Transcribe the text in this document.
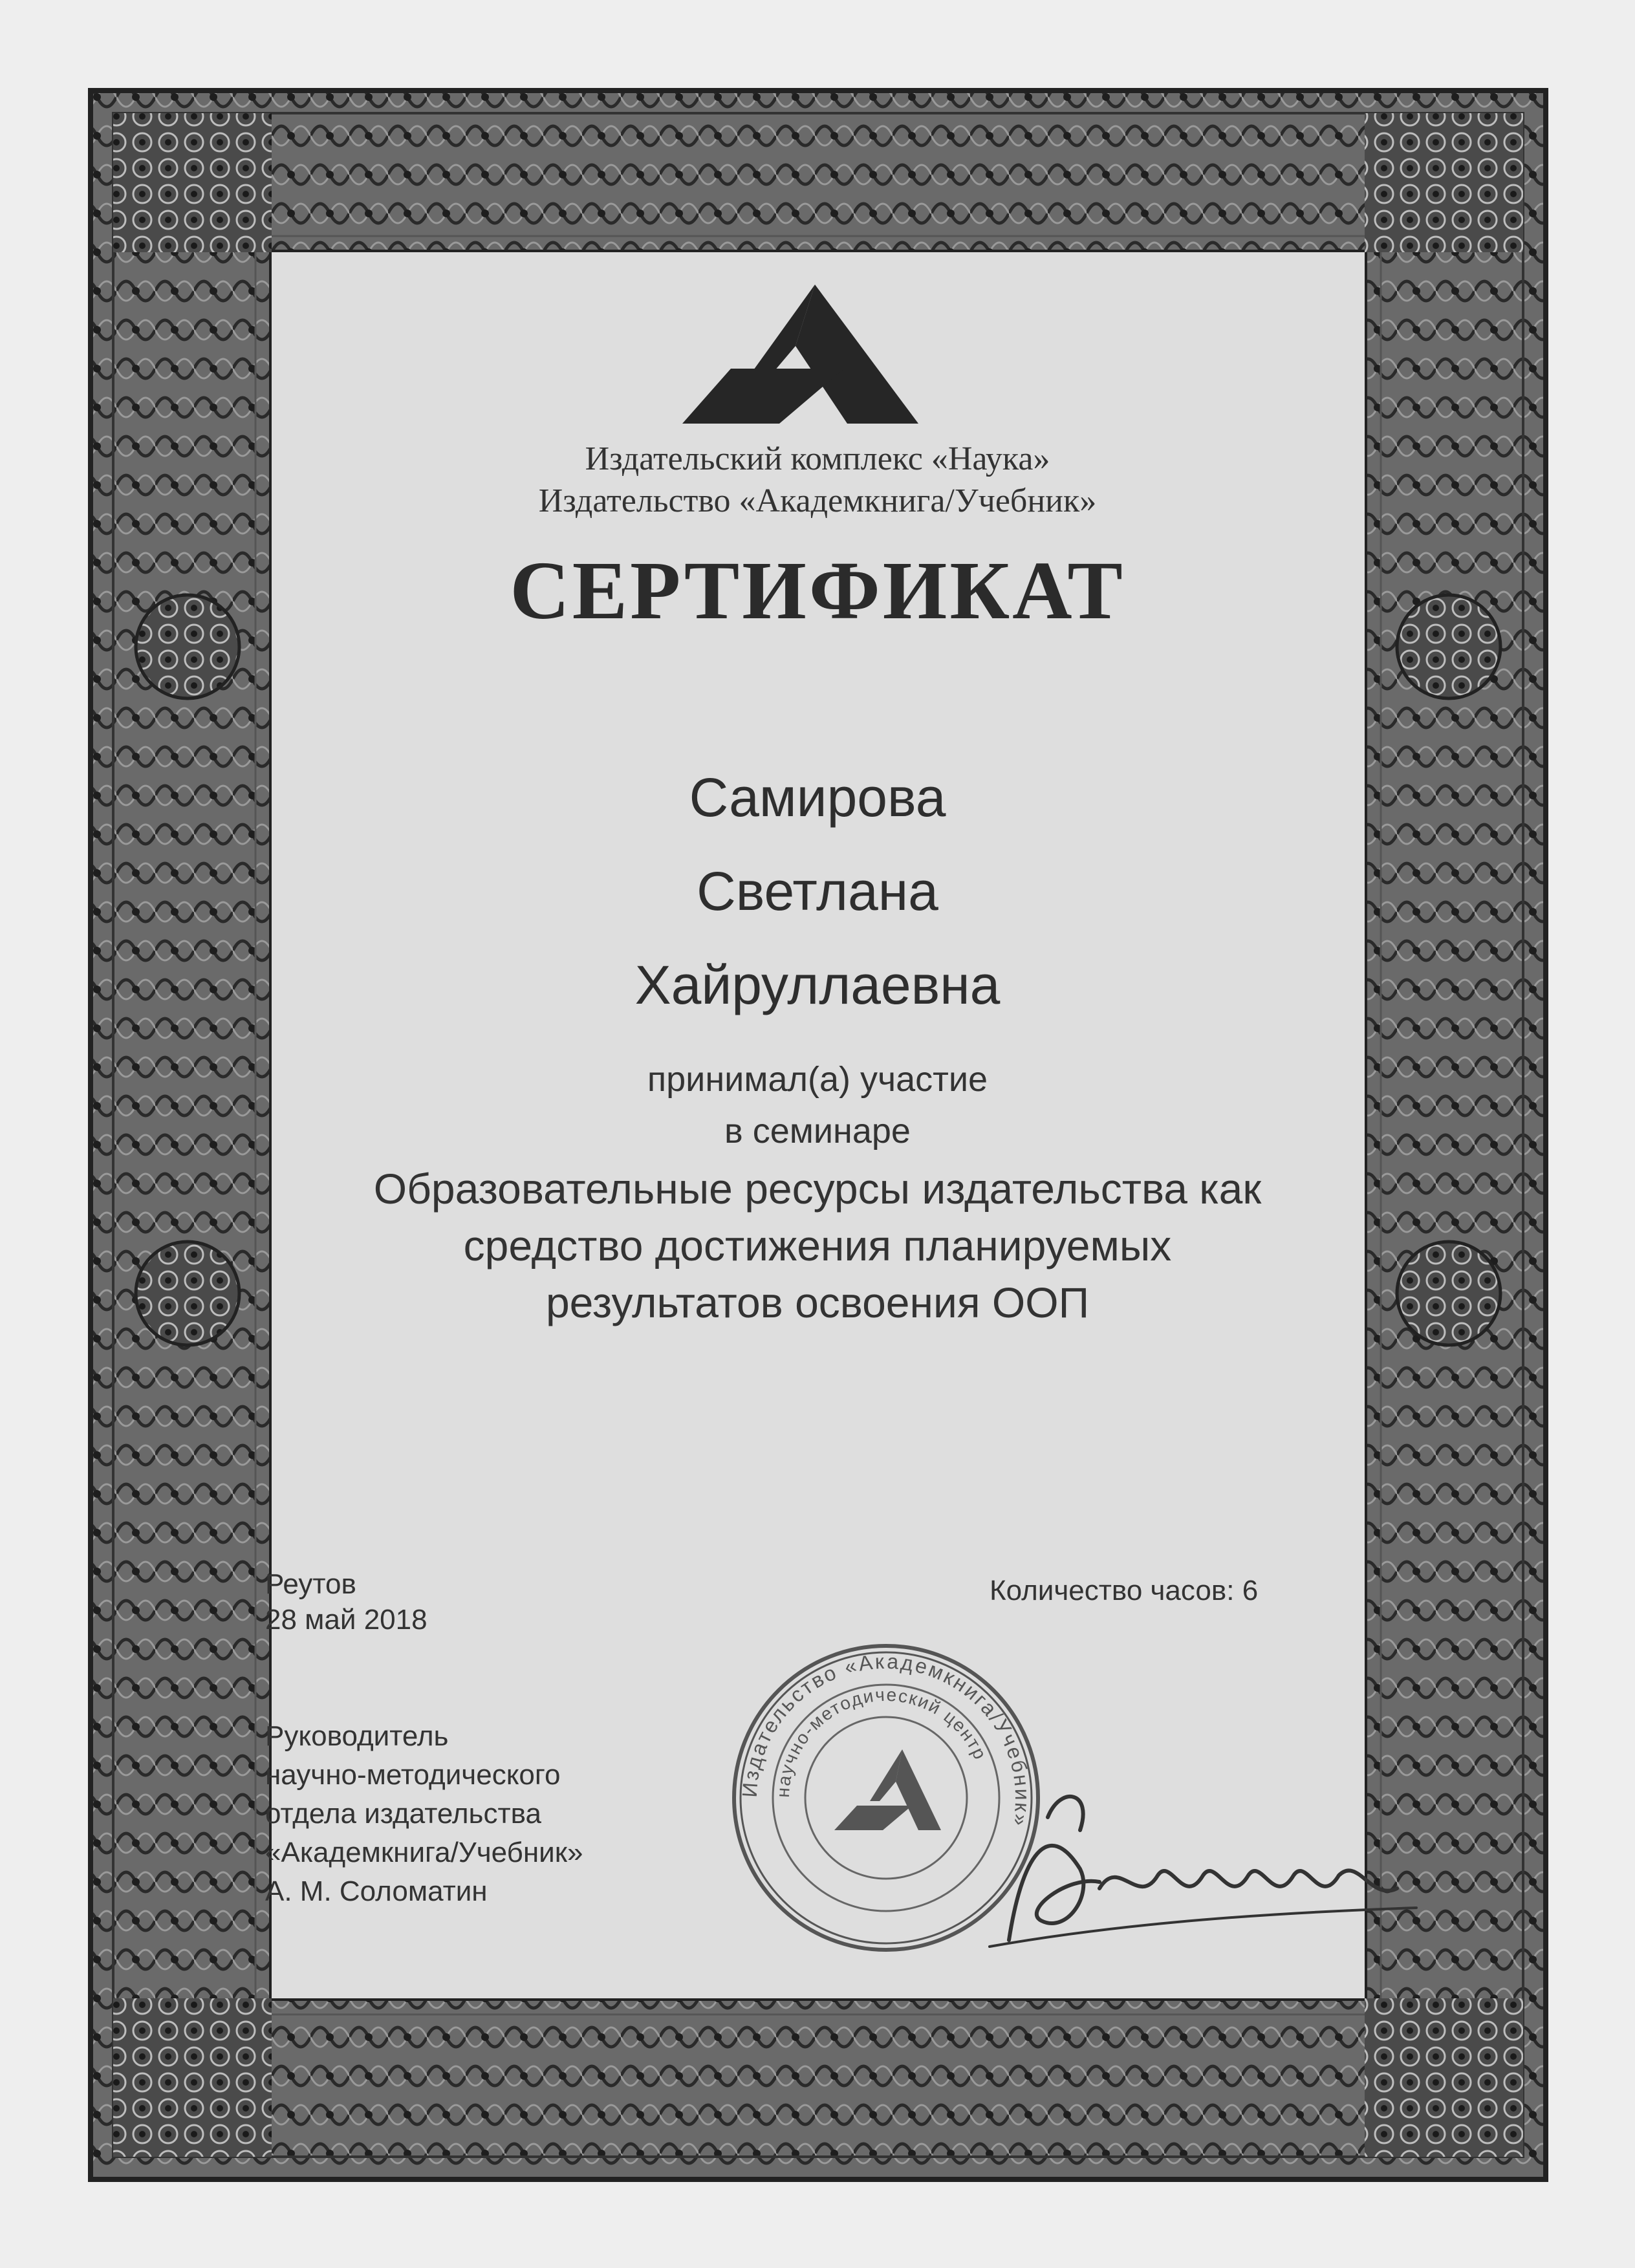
Издательский комплекс «Наука»
Издательство «Академкнига/Учебник»
СЕРТИФИКАТ
Самирова
Светлана
Хайруллаевна
принимал(а) участие
в семинаре
Образовательные ресурсы издательства как
средство достижения планируемых
результатов освоения ООП
Реутов
28 май 2018
Количество часов: 6
Руководитель
научно-методического
отдела издательства
«Академкнига/Учебник»
А. М. Соломатин
Издательство «Академкнига/Учебник»
научно-методический центр
